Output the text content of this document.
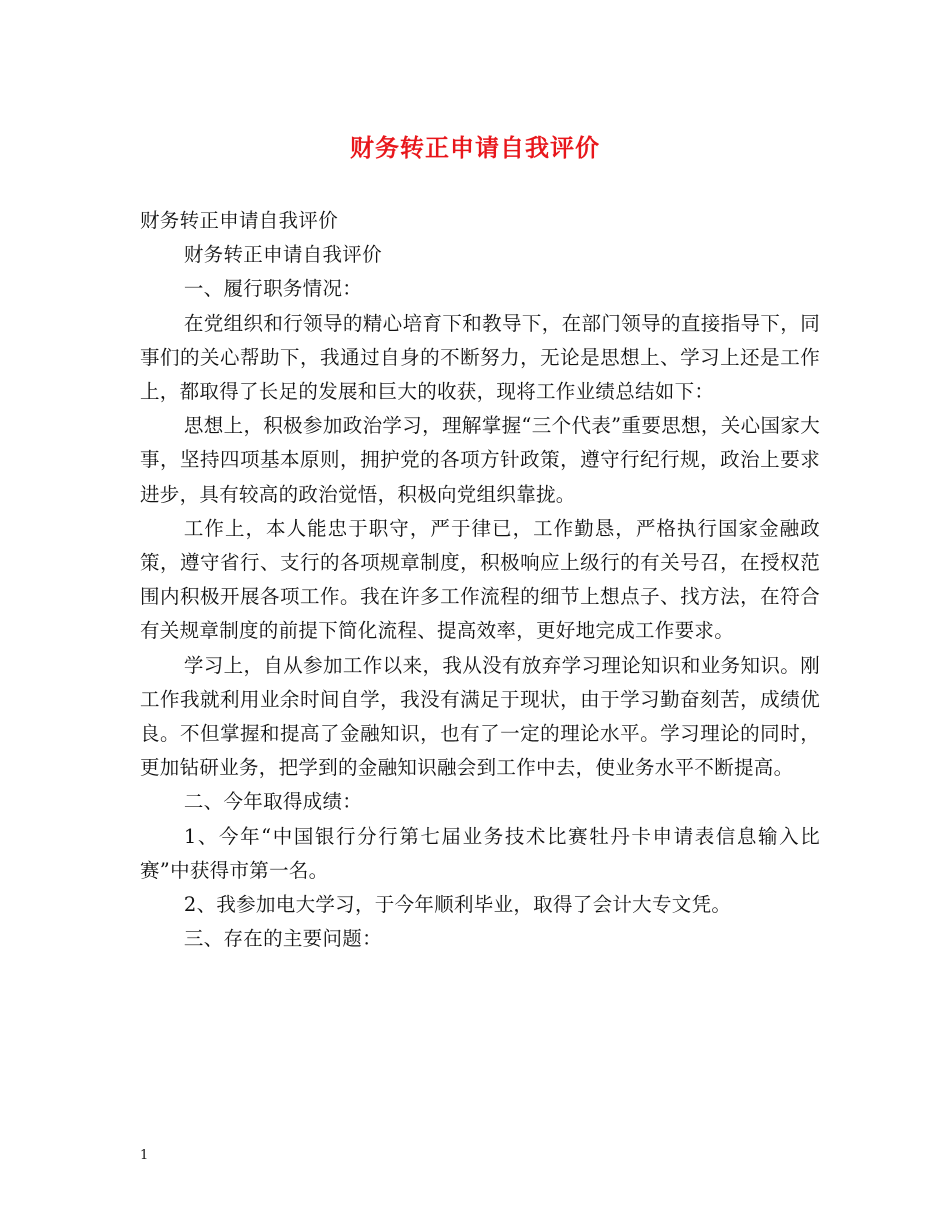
财务转正申请自我评价

财务转正申请自我评价

财务转正申请自我评价

一、履行职务情况：

在党组织和行领导的精心培育下和教导下，在部门领导的直接指导下，同事们的关心帮助下，我通过自身的不断努力，无论是思想上、学习上还是工作上，都取得了长足的发展和巨大的收获，现将工作业绩总结如下：

思想上，积极参加政治学习，理解掌握“三个代表”重要思想，关心国家大事，坚持四项基本原则，拥护党的各项方针政策，遵守行纪行规，政治上要求进步，具有较高的政治觉悟，积极向党组织靠拢。

工作上，本人能忠于职守，严于律已，工作勤恳，严格执行国家金融政策，遵守省行、支行的各项规章制度，积极响应上级行的有关号召，在授权范围内积极开展各项工作。我在许多工作流程的细节上想点子、找方法，在符合有关规章制度的前提下简化流程、提高效率，更好地完成工作要求。

学习上，自从参加工作以来，我从没有放弃学习理论知识和业务知识。刚工作我就利用业余时间自学，我没有满足于现状，由于学习勤奋刻苦，成绩优良。不但掌握和提高了金融知识，也有了一定的理论水平。学习理论的同时，更加钻研业务，把学到的金融知识融会到工作中去，使业务水平不断提高。

二、今年取得成绩：

1、今年“中国银行分行第七届业务技术比赛牡丹卡申请表信息输入比赛”中获得市第一名。

2、我参加电大学习，于今年顺利毕业，取得了会计大专文凭。

三、存在的主要问题：

1
